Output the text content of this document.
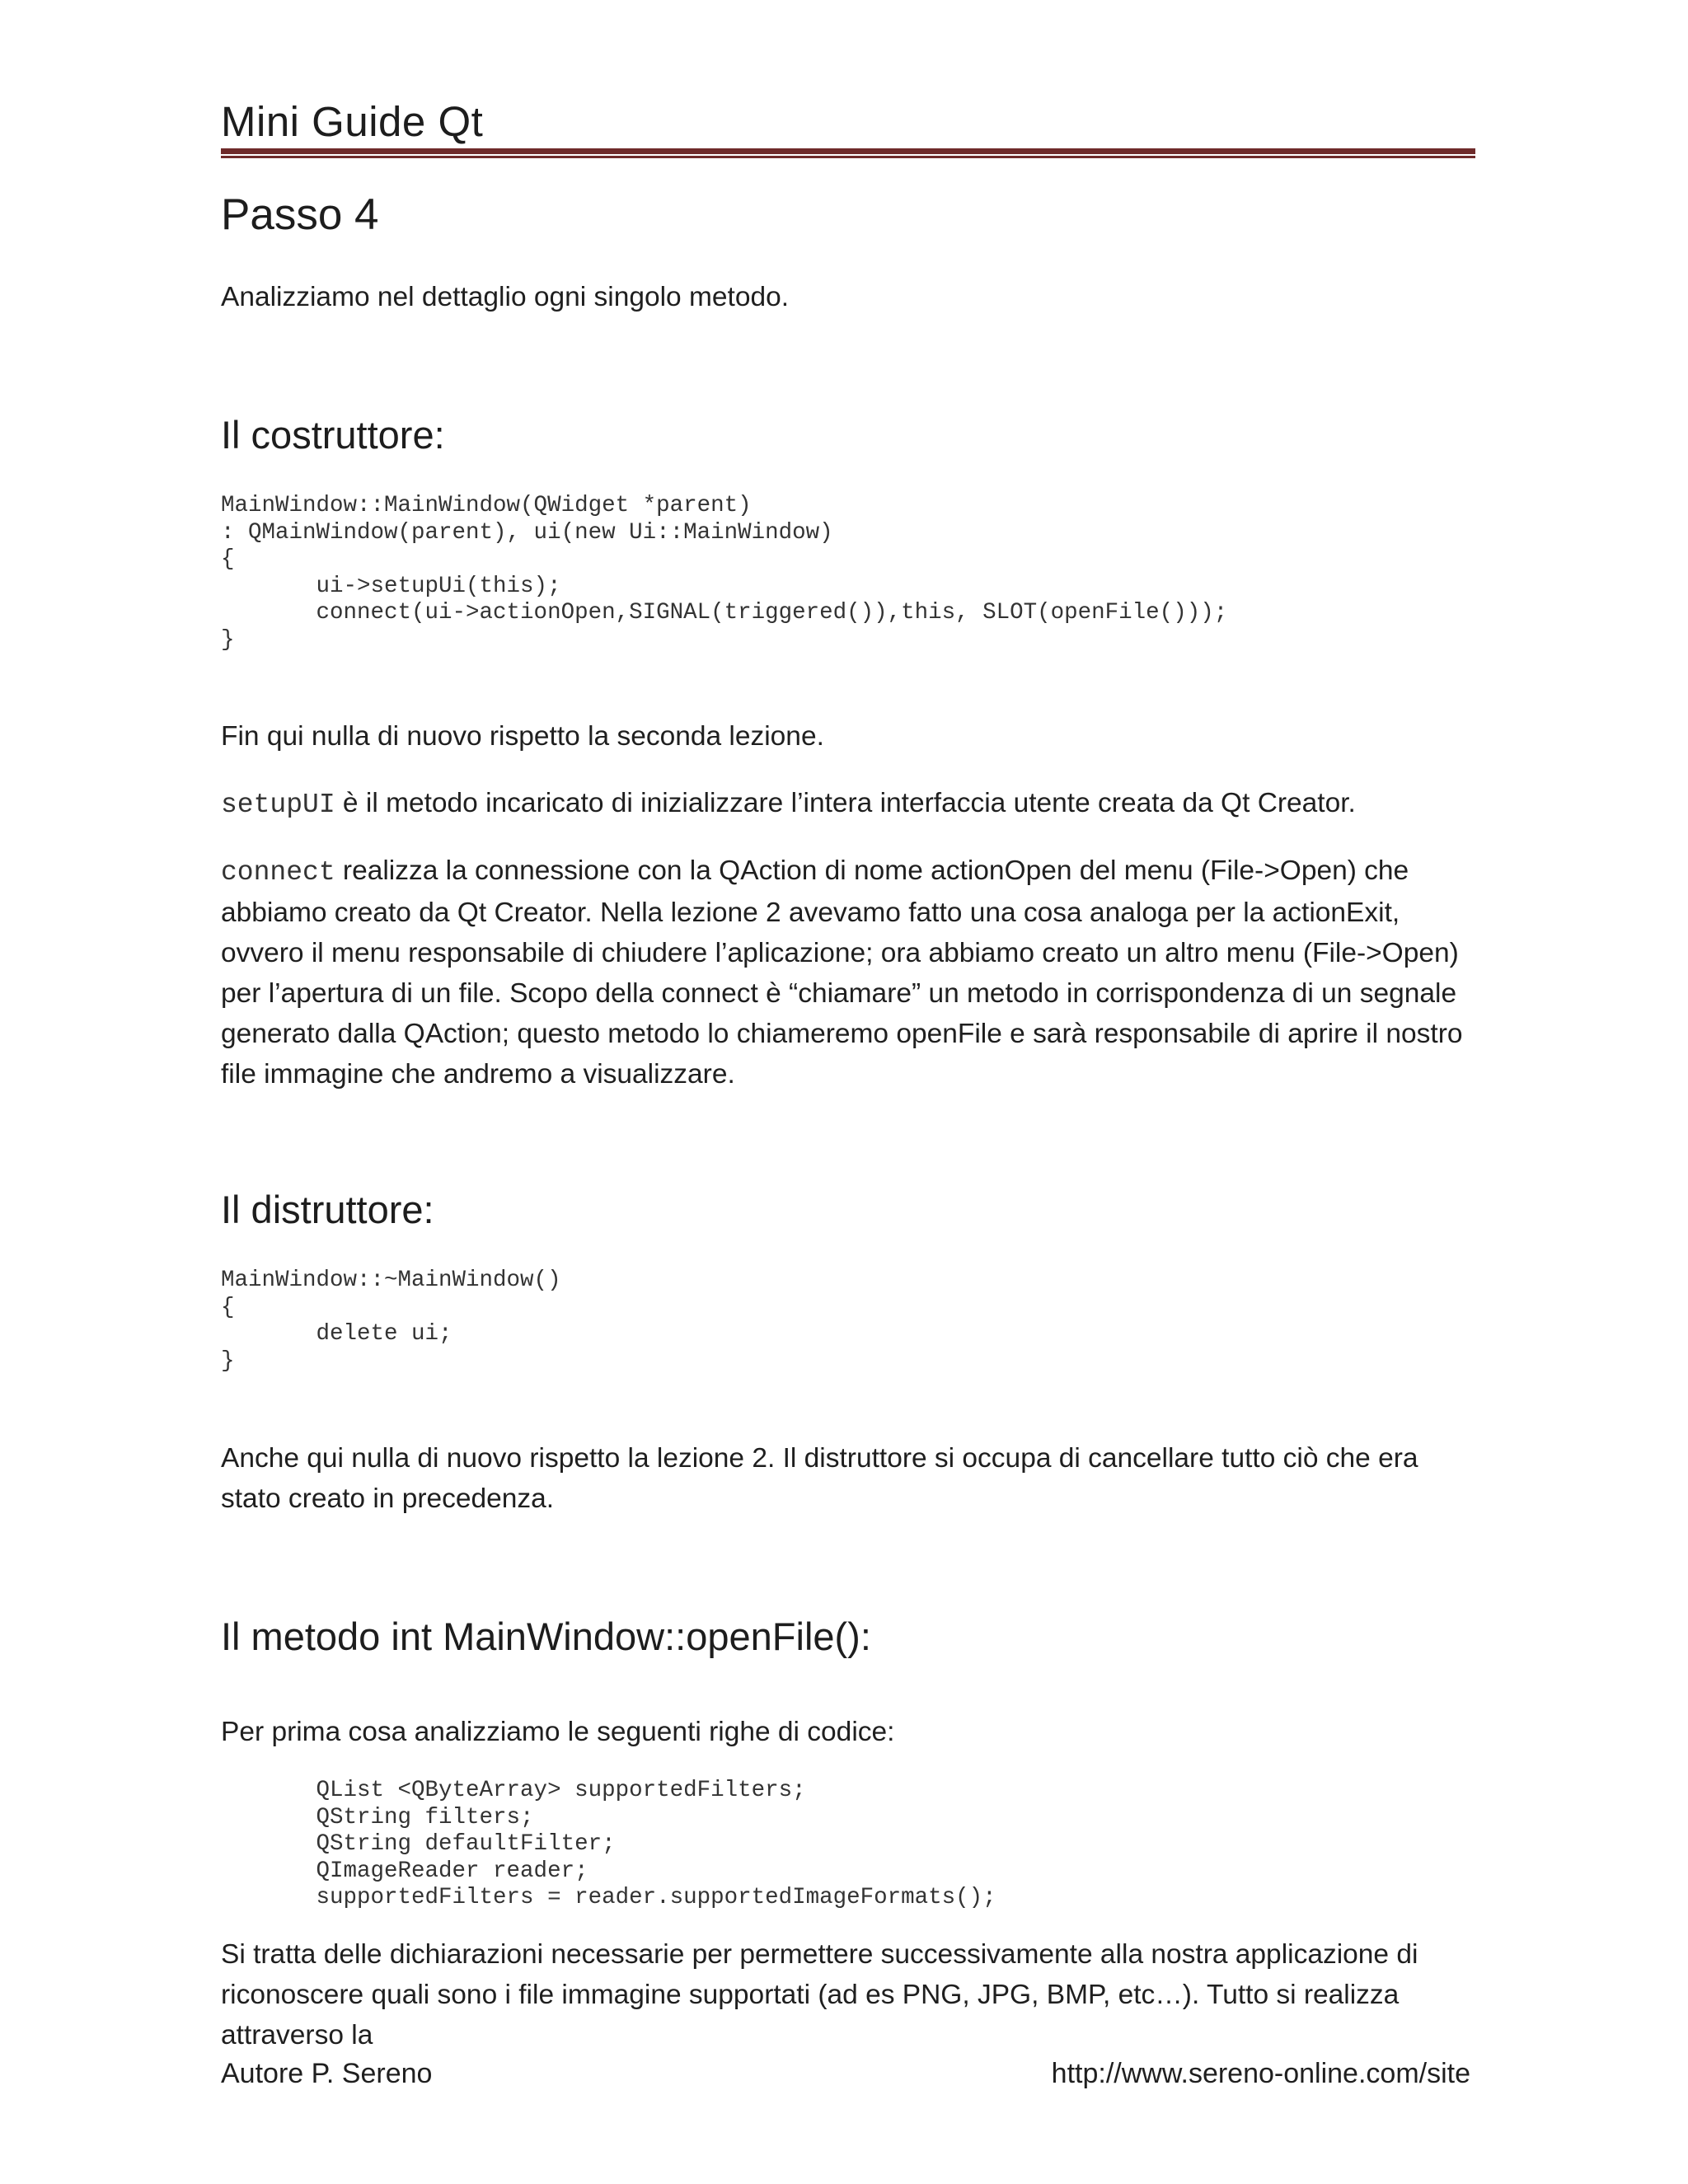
Mini Guide Qt
Passo 4

Analizziamo nel dettaglio ogni singolo metodo.

Il costruttore:
MainWindow::MainWindow(QWidget *parent)
: QMainWindow(parent), ui(new Ui::MainWindow)
{
ui->setupUi(this);
connect(ui->actionOpen,SIGNAL(triggered()),this, SLOT(openFile()));
}

Fin qui nulla di nuovo rispetto la seconda lezione.

setupUI è il metodo incaricato di inizializzare l’intera interfaccia utente creata da Qt Creator.

connect realizza la connessione con la QAction di nome actionOpen del menu (File->Open) che abbiamo creato da Qt Creator. Nella lezione 2 avevamo fatto una cosa analoga per la actionExit, ovvero il menu responsabile di chiudere l’aplicazione; ora abbiamo creato un altro menu (File->Open) per l’apertura di un file. Scopo della connect è “chiamare” un metodo in corrispondenza di un segnale generato dalla QAction; questo metodo lo chiameremo openFile e sarà responsabile di aprire il nostro file immagine che andremo a visualizzare.

Il distruttore:
MainWindow::~MainWindow()
{
delete ui;
}

Anche qui nulla di nuovo rispetto la lezione 2. Il distruttore si occupa di cancellare tutto ciò che era stato creato in precedenza.

Il metodo int MainWindow::openFile():

Per prima cosa analizziamo le seguenti righe di codice:

QList <QByteArray> supportedFilters;
QString filters;
QString defaultFilter;
QImageReader reader;
supportedFilters = reader.supportedImageFormats();

Si tratta delle dichiarazioni necessarie per permettere successivamente alla nostra applicazione di riconoscere quali sono i file immagine supportati (ad es PNG, JPG, BMP, etc…). Tutto si realizza attraverso la

Autore P. Sereno	http://www.sereno-online.com/site
